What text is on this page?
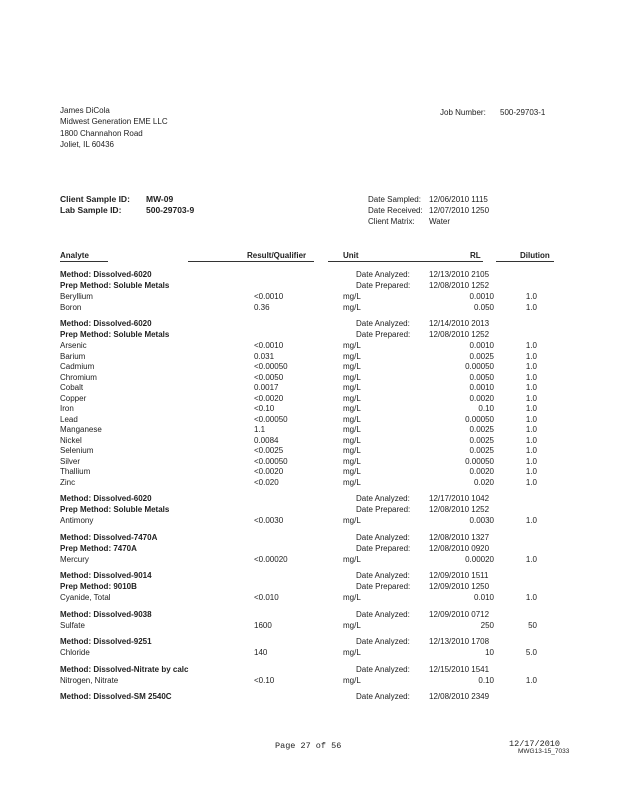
James DiCola
Midwest Generation EME LLC
1800 Channahon Road
Joliet, IL 60436
Job Number: 500-29703-1
Client Sample ID: MW-09
Lab Sample ID:	500-29703-9
Date Sampled: 12/06/2010 1115
Date Received: 12/07/2010 1250
Client Matrix: Water
Analyte	Result/Qualifier	Unit	RL	Dilution
Method: Dissolved-6020	Date Analyzed: 12/13/2010 2105
Prep Method: Soluble Metals	Date Prepared: 12/08/2010 1252
Beryllium	<0.0010	mg/L	0.0010	1.0
Boron	0.36	mg/L	0.050	1.0
Method: Dissolved-6020	Date Analyzed: 12/14/2010 2013
Prep Method: Soluble Metals	Date Prepared: 12/08/2010 1252
Arsenic	<0.0010	mg/L	0.0010	1.0
Barium	0.031	mg/L	0.0025	1.0
Cadmium	<0.00050	mg/L	0.00050	1.0
Chromium	<0.0050	mg/L	0.0050	1.0
Cobalt	0.0017	mg/L	0.0010	1.0
Copper	<0.0020	mg/L	0.0020	1.0
Iron	<0.10	mg/L	0.10	1.0
Lead	<0.00050	mg/L	0.00050	1.0
Manganese	1.1	mg/L	0.0025	1.0
Nickel	0.0084	mg/L	0.0025	1.0
Selenium	<0.0025	mg/L	0.0025	1.0
Silver	<0.00050	mg/L	0.00050	1.0
Thallium	<0.0020	mg/L	0.0020	1.0
Zinc	<0.020	mg/L	0.020	1.0
Method: Dissolved-6020	Date Analyzed: 12/17/2010 1042
Prep Method: Soluble Metals	Date Prepared: 12/08/2010 1252
Antimony	<0.0030	mg/L	0.0030	1.0
Method: Dissolved-7470A	Date Analyzed: 12/08/2010 1327
Prep Method: 7470A	Date Prepared: 12/08/2010 0920
Mercury	<0.00020	mg/L	0.00020	1.0
Method: Dissolved-9014	Date Analyzed: 12/09/2010 1511
Prep Method: 9010B	Date Prepared: 12/09/2010 1250
Cyanide, Total	<0.010	mg/L	0.010	1.0
Method: Dissolved-9038	Date Analyzed: 12/09/2010 0712
Sulfate	1600	mg/L	250	50
Method: Dissolved-9251	Date Analyzed: 12/13/2010 1708
Chloride	140	mg/L	10	5.0
Method: Dissolved-Nitrate by calc	Date Analyzed: 12/15/2010 1541
Nitrogen, Nitrate	<0.10	mg/L	0.10	1.0
Method: Dissolved-SM 2540C	Date Analyzed: 12/08/2010 2349
Page 27 of 56	12/17/2010
MWG13-15_7033
